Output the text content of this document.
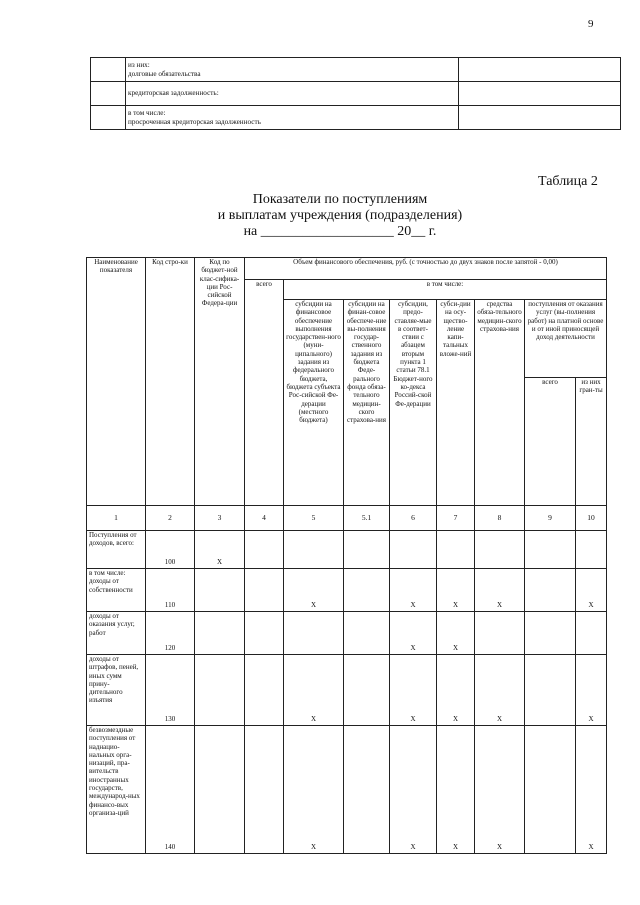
9
	из них:
долговые обязательства	
	кредиторская задолженность:	
	в том числе:
просроченная кредиторская задолженность	
Таблица 2
Показатели по поступлениям
и выплатам учреждения (подразделения)
на ___________________ 20__ г.
Наименование показателя	Код стро-ки	Код по бюджет-ной клас-сифика-ции Рос-сийской Федера-ции	Объем финансового обеспечения, руб. (с точностью до двух знаков после запятой - 0,00)							
			всего	в том числе:						
				субсидии на финансовое обеспечение выполнения государствен-ного (муни-ципального) задания из федерального бюджета, бюджета субъекта Рос-сийской Фе-дерации (местного бюджета)	субсидии на финан-совое обеспече-ние вы-полнения государ-ственного задания из бюджета Феде-рального фонда обяза-тельного медицин-ского страхова-ния	субсидии, предо-ставляе-мые в соответ-ствии с абзацем вторым пункта 1 статьи 78.1 Бюджет-ного ко-декса Россий-ской Фе-дерации	субси-дии на осу-щество-ление капи-тальных вложе-ний	средства обяза-тельного медицин-ского страхова-ния	поступления от оказания услуг (вы-полнения работ) на платной основе и от иной приносящей доход деятельности	
									всего	из них гран-ты
1	2	3	4	5	5.1	6	7	8	9	10
Поступления от доходов, всего:	100	X								
в том числе: доходы от собственности	110			X		X	X	X		X
доходы от оказания услуг, работ	120					X	X			
доходы от штрафов, пеней, иных сумм прину-дительного изъятия	130			X		X	X	X		X
безвозмездные поступления от наднацио-нальных орга-низаций, пра-вительств иностранных государств, международ-ных финансо-вых организа-ций	140			X		X	X	X		X
